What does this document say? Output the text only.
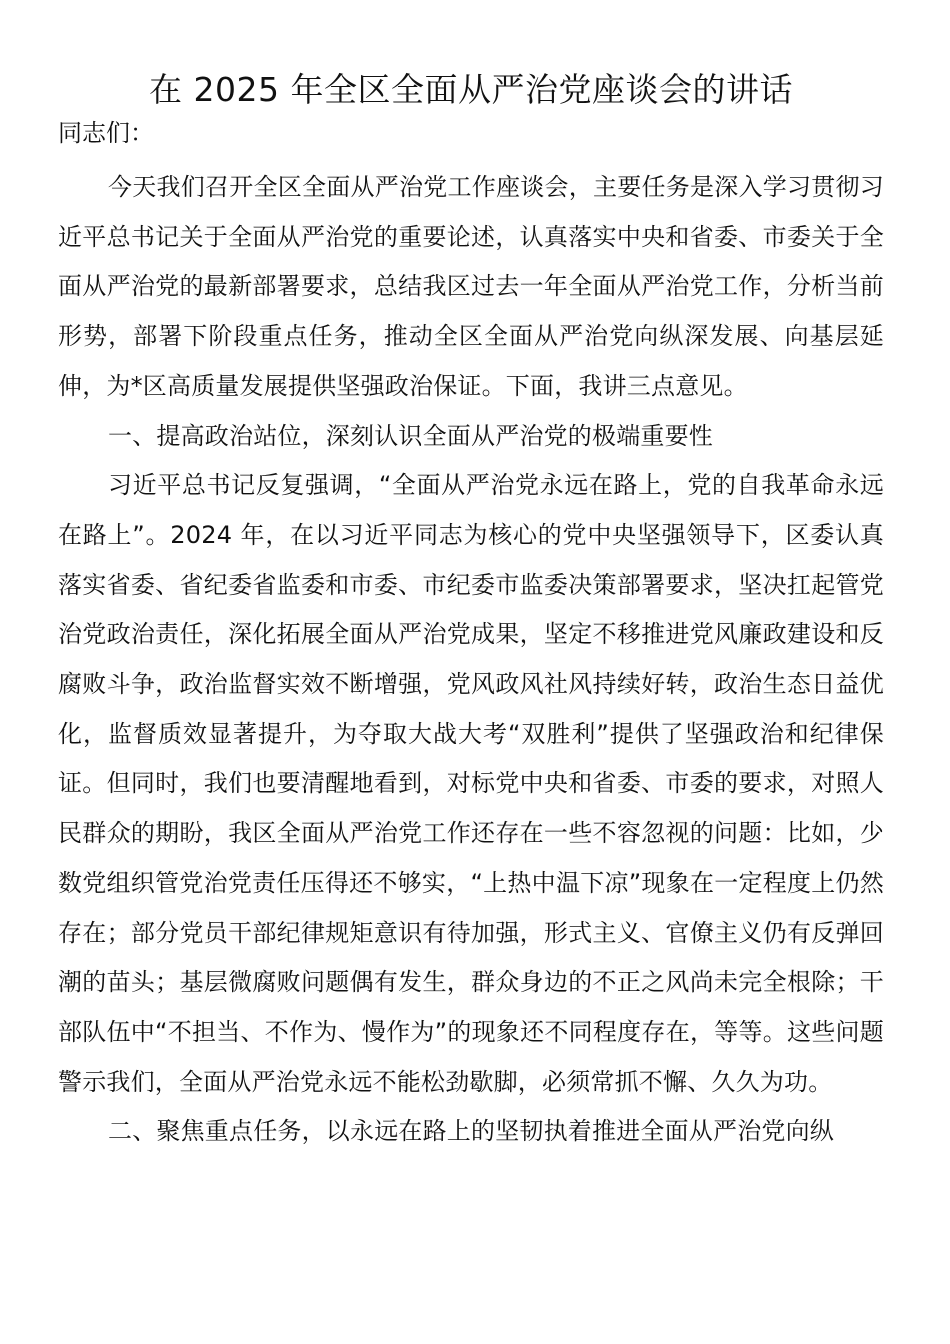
在 2025 年全区全面从严治党座谈会的讲话

同志们：

今天我们召开全区全面从严治党工作座谈会，主要任务是深入学习贯彻习近平总书记关于全面从严治党的重要论述，认真落实中央和省委、市委关于全面从严治党的最新部署要求，总结我区过去一年全面从严治党工作，分析当前形势，部署下阶段重点任务，推动全区全面从严治党向纵深发展、向基层延伸，为*区高质量发展提供坚强政治保证。下面，我讲三点意见。

一、提高政治站位，深刻认识全面从严治党的极端重要性

习近平总书记反复强调，“全面从严治党永远在路上，党的自我革命永远在路上”。2024 年，在以习近平同志为核心的党中央坚强领导下，区委认真落实省委、省纪委省监委和市委、市纪委市监委决策部署要求，坚决扛起管党治党政治责任，深化拓展全面从严治党成果，坚定不移推进党风廉政建设和反腐败斗争，政治监督实效不断增强，党风政风社风持续好转，政治生态日益优化，监督质效显著提升，为夺取大战大考“双胜利”提供了坚强政治和纪律保证。但同时，我们也要清醒地看到，对标党中央和省委、市委的要求，对照人民群众的期盼，我区全面从严治党工作还存在一些不容忽视的问题：比如，少数党组织管党治党责任压得还不够实，“上热中温下凉”现象在一定程度上仍然存在；部分党员干部纪律规矩意识有待加强，形式主义、官僚主义仍有反弹回潮的苗头；基层微腐败问题偶有发生，群众身边的不正之风尚未完全根除；干部队伍中“不担当、不作为、慢作为”的现象还不同程度存在，等等。这些问题警示我们，全面从严治党永远不能松劲歇脚，必须常抓不懈、久久为功。

二、聚焦重点任务，以永远在路上的坚韧执着推进全面从严治党向纵
